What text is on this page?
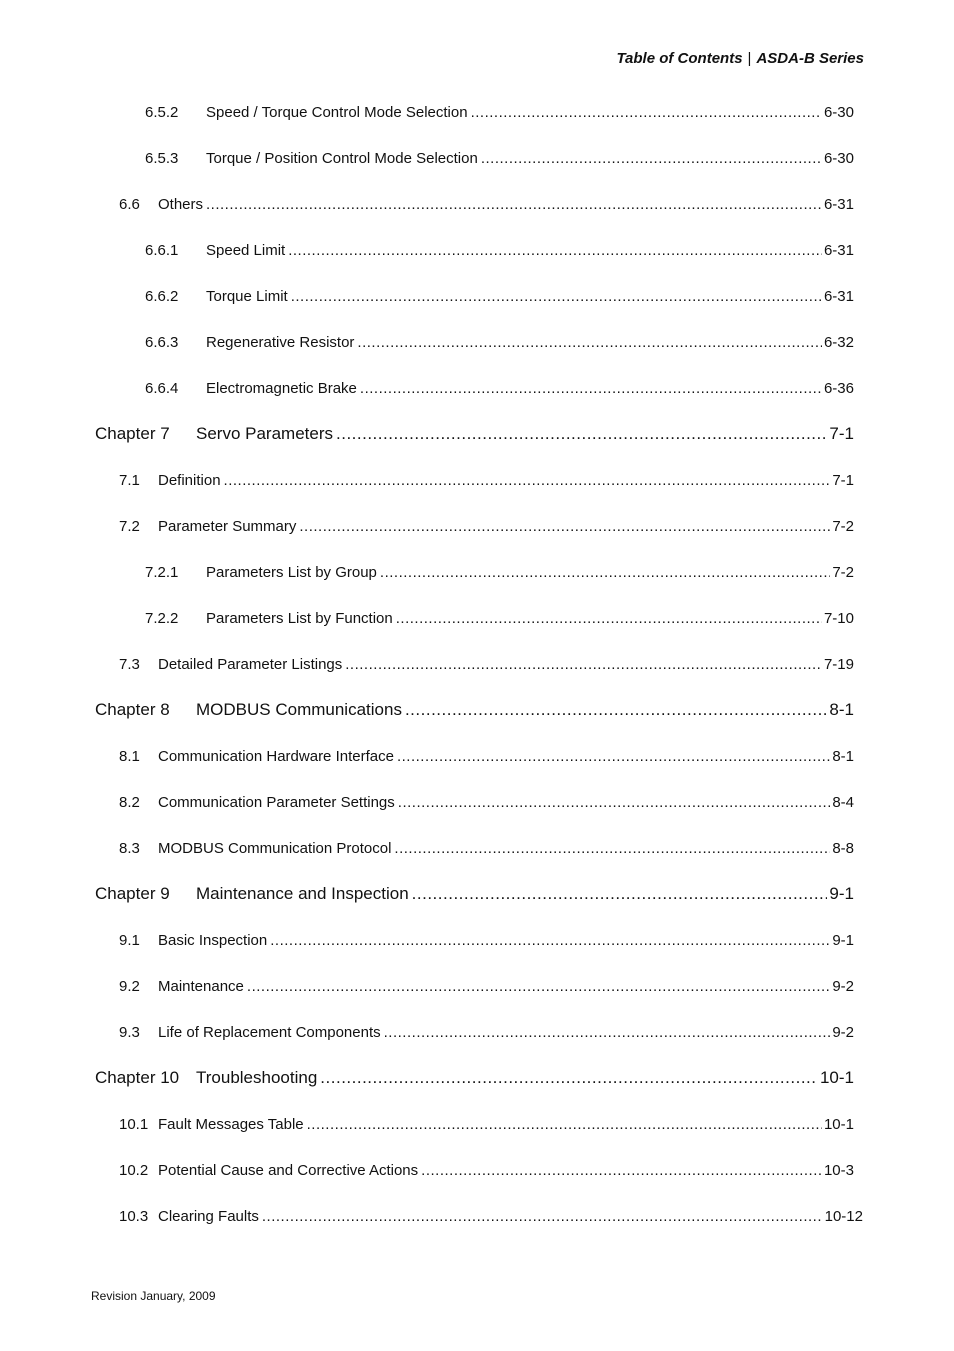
Table of Contents | ASDA-B Series
6.5.2	Speed / Torque Control Mode Selection .....	6-30
6.5.3	Torque / Position Control Mode Selection .....	6-30
6.6	Others .....	6-31
6.6.1	Speed Limit .....	6-31
6.6.2	Torque Limit .....	6-31
6.6.3	Regenerative Resistor .....	6-32
6.6.4	Electromagnetic Brake .....	6-36
Chapter 7	Servo Parameters .....	7-1
7.1	Definition .....	7-1
7.2	Parameter Summary .....	7-2
7.2.1	Parameters List by Group .....	7-2
7.2.2	Parameters List by Function .....	7-10
7.3	Detailed Parameter Listings .....	7-19
Chapter 8	MODBUS Communications .....	8-1
8.1	Communication Hardware Interface .....	8-1
8.2	Communication Parameter Settings .....	8-4
8.3	MODBUS Communication Protocol .....	8-8
Chapter 9	Maintenance and Inspection .....	9-1
9.1	Basic Inspection .....	9-1
9.2	Maintenance .....	9-2
9.3	Life of Replacement Components .....	9-2
Chapter 10 Troubleshooting .....	10-1
10.1 Fault Messages Table .....	10-1
10.2 Potential Cause and Corrective Actions .....	10-3
10.3 Clearing Faults .....	10-12
Revision January, 2009
